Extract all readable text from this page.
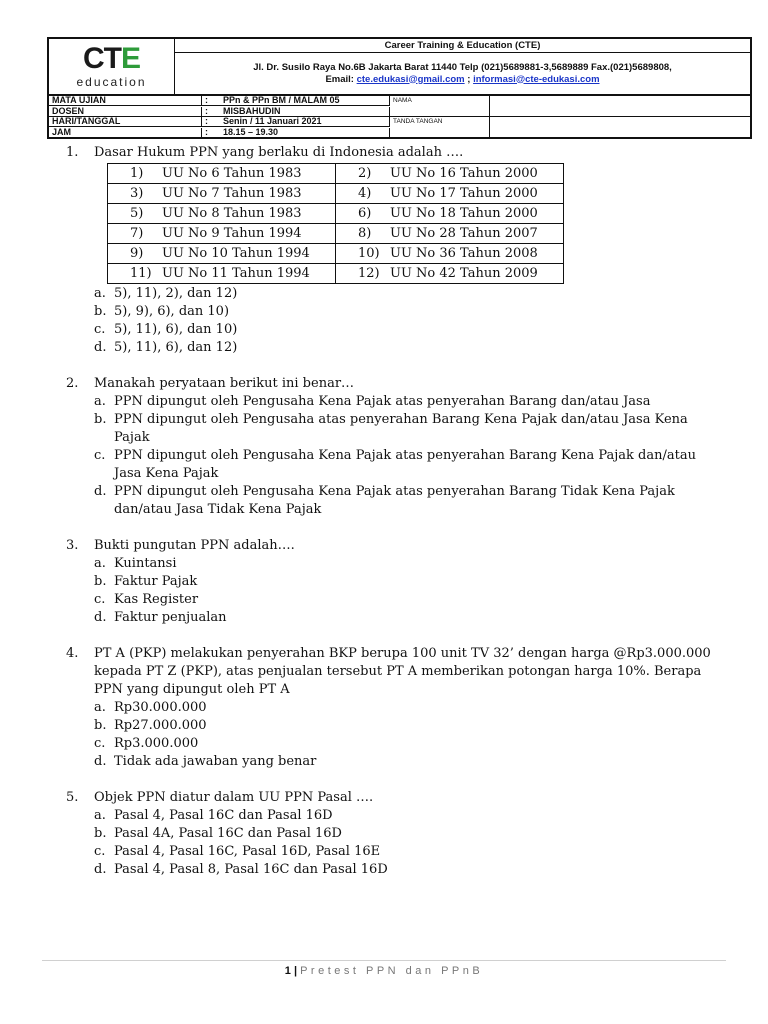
CTE
education
Career Training & Education (CTE)
Jl. Dr. Susilo Raya No.6B Jakarta Barat 11440 Telp (021)5689881-3,5689889 Fax.(021)5689808,
Email: cte.edukasi@gmail.com ; informasi@cte-edukasi.com
MATA UJIAN	: PPn & PPn BM / MALAM 05	NAMA
DOSEN	: MISBAHUDIN
HARI/TANGGAL	: Senin / 11 Januari 2021	TANDA TANGAN
JAM	: 18.15 – 19.30
1.	Dasar Hukum PPN yang berlaku di Indonesia adalah ….
1) UU No 6 Tahun 1983	2) UU No 16 Tahun 2000
3) UU No 7 Tahun 1983	4) UU No 17 Tahun 2000
5) UU No 8 Tahun 1983	6) UU No 18 Tahun 2000
7) UU No 9 Tahun 1994	8) UU No 28 Tahun 2007
9) UU No 10 Tahun 1994	10) UU No 36 Tahun 2008
11) UU No 11 Tahun 1994	12) UU No 42 Tahun 2009
a. 5), 11), 2), dan 12)
b. 5), 9), 6), dan 10)
c. 5), 11), 6), dan 10)
d. 5), 11), 6), dan 12)
2.	Manakah peryataan berikut ini benar…
a. PPN dipungut oleh Pengusaha Kena Pajak atas penyerahan Barang dan/atau Jasa
b. PPN dipungut oleh Pengusaha atas penyerahan Barang Kena Pajak dan/atau Jasa Kena Pajak
c. PPN dipungut oleh Pengusaha Kena Pajak atas penyerahan Barang Kena Pajak dan/atau Jasa Kena Pajak
d. PPN dipungut oleh Pengusaha Kena Pajak atas penyerahan Barang Tidak Kena Pajak dan/atau Jasa Tidak Kena Pajak
3.	Bukti pungutan PPN adalah….
a. Kuintansi
b. Faktur Pajak
c. Kas Register
d. Faktur penjualan
4.	PT A (PKP) melakukan penyerahan BKP berupa 100 unit TV 32’ dengan harga @Rp3.000.000 kepada PT Z (PKP), atas penjualan tersebut PT A memberikan potongan harga 10%. Berapa PPN yang dipungut oleh PT A
a. Rp30.000.000
b. Rp27.000.000
c. Rp3.000.000
d. Tidak ada jawaban yang benar
5.	Objek PPN diatur dalam UU PPN Pasal ….
a. Pasal 4, Pasal 16C dan Pasal 16D
b. Pasal 4A, Pasal 16C dan Pasal 16D
c. Pasal 4, Pasal 16C, Pasal 16D, Pasal 16E
d. Pasal 4, Pasal 8, Pasal 16C dan Pasal 16D
1 | Pretest PPN dan PPnB
